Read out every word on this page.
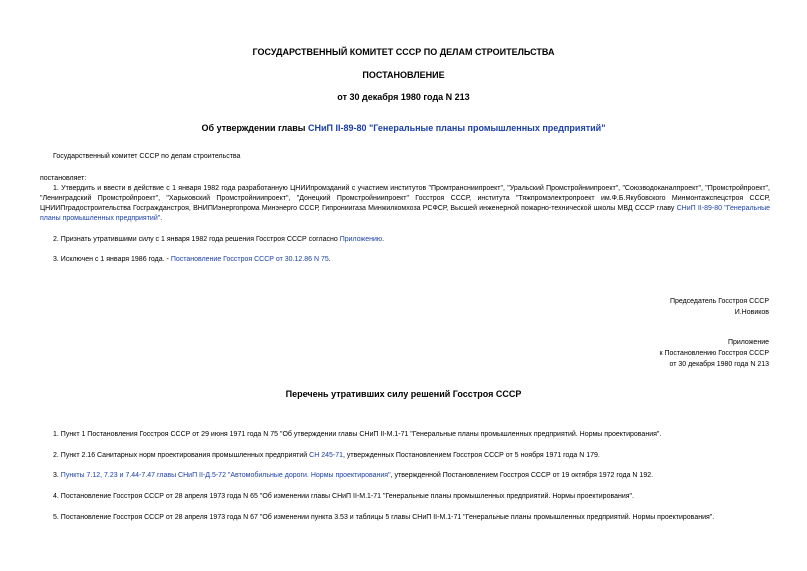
ГОСУДАРСТВЕННЫЙ КОМИТЕТ СССР ПО ДЕЛАМ СТРОИТЕЛЬСТВА
ПОСТАНОВЛЕНИЕ
от 30 декабря 1980 года N 213
Об утверждении главы СНиП II-89-80 "Генеральные планы промышленных предприятий"
Государственный комитет СССР по делам строительства
постановляет:
1. Утвердить и ввести в действие с 1 января 1982 года разработанную ЦНИИпромзданий с участием институтов "Промтрансниипроект", "Уральский Промстройниипроект", "Союзводоканалпроект", "Промстройпроект", "Ленинградский Промстройпроект", "Харьковский Промстройниипроект", "Донецкий Промстройниипроект" Госстроя СССР, института "Тяжпромэлектропроект им.Ф.Б.Якубовского Минмонтажспецстроя СССР, ЦНИИПградостроительства Госгражданстроя, ВНИПИэнергопрома Минэнерго СССР, Гипрониигаза Минжилкомхоза РСФСР, Высшей инженерной пожарно-технической школы МВД СССР главу СНиП II-89-80 "Генеральные планы промышленных предприятий".
2. Признать утратившими силу с 1 января 1982 года решения Госстроя СССР согласно Приложению.
3. Исключен с 1 января 1986 года. - Постановление Госстроя СССР от 30.12.86 N 75.
Председатель Госстроя СССР
И.Новиков
Приложение
к Постановлению Госстроя СССР
от 30 декабря 1980 года N 213
Перечень утративших силу решений Госстроя СССР
1. Пункт 1 Постановления Госстроя СССР от 29 июня 1971 года N 75 "Об утверждении главы СНиП II-М.1-71 "Генеральные планы промышленных предприятий. Нормы проектирования".
2. Пункт 2.16 Санитарных норм проектирования промышленных предприятий СН 245-71, утвержденных Постановлением Госстроя СССР от 5 ноября 1971 года N 179.
3. Пункты 7.12, 7.23 и 7.44-7.47 главы СНиП II-Д.5-72 "Автомобильные дороги. Нормы проектирования", утвержденной Постановлением Госстроя СССР от 19 октября 1972 года N 192.
4. Постановление Госстроя СССР от 28 апреля 1973 года N 65 "Об изменении главы СНиП II-М.1-71 "Генеральные планы промышленных предприятий. Нормы проектирования".
5. Постановление Госстроя СССР от 28 апреля 1973 года N 67 "Об изменении пункта 3.53 и таблицы 5 главы СНиП II-М.1-71 "Генеральные планы промышленных предприятий. Нормы проектирования".
